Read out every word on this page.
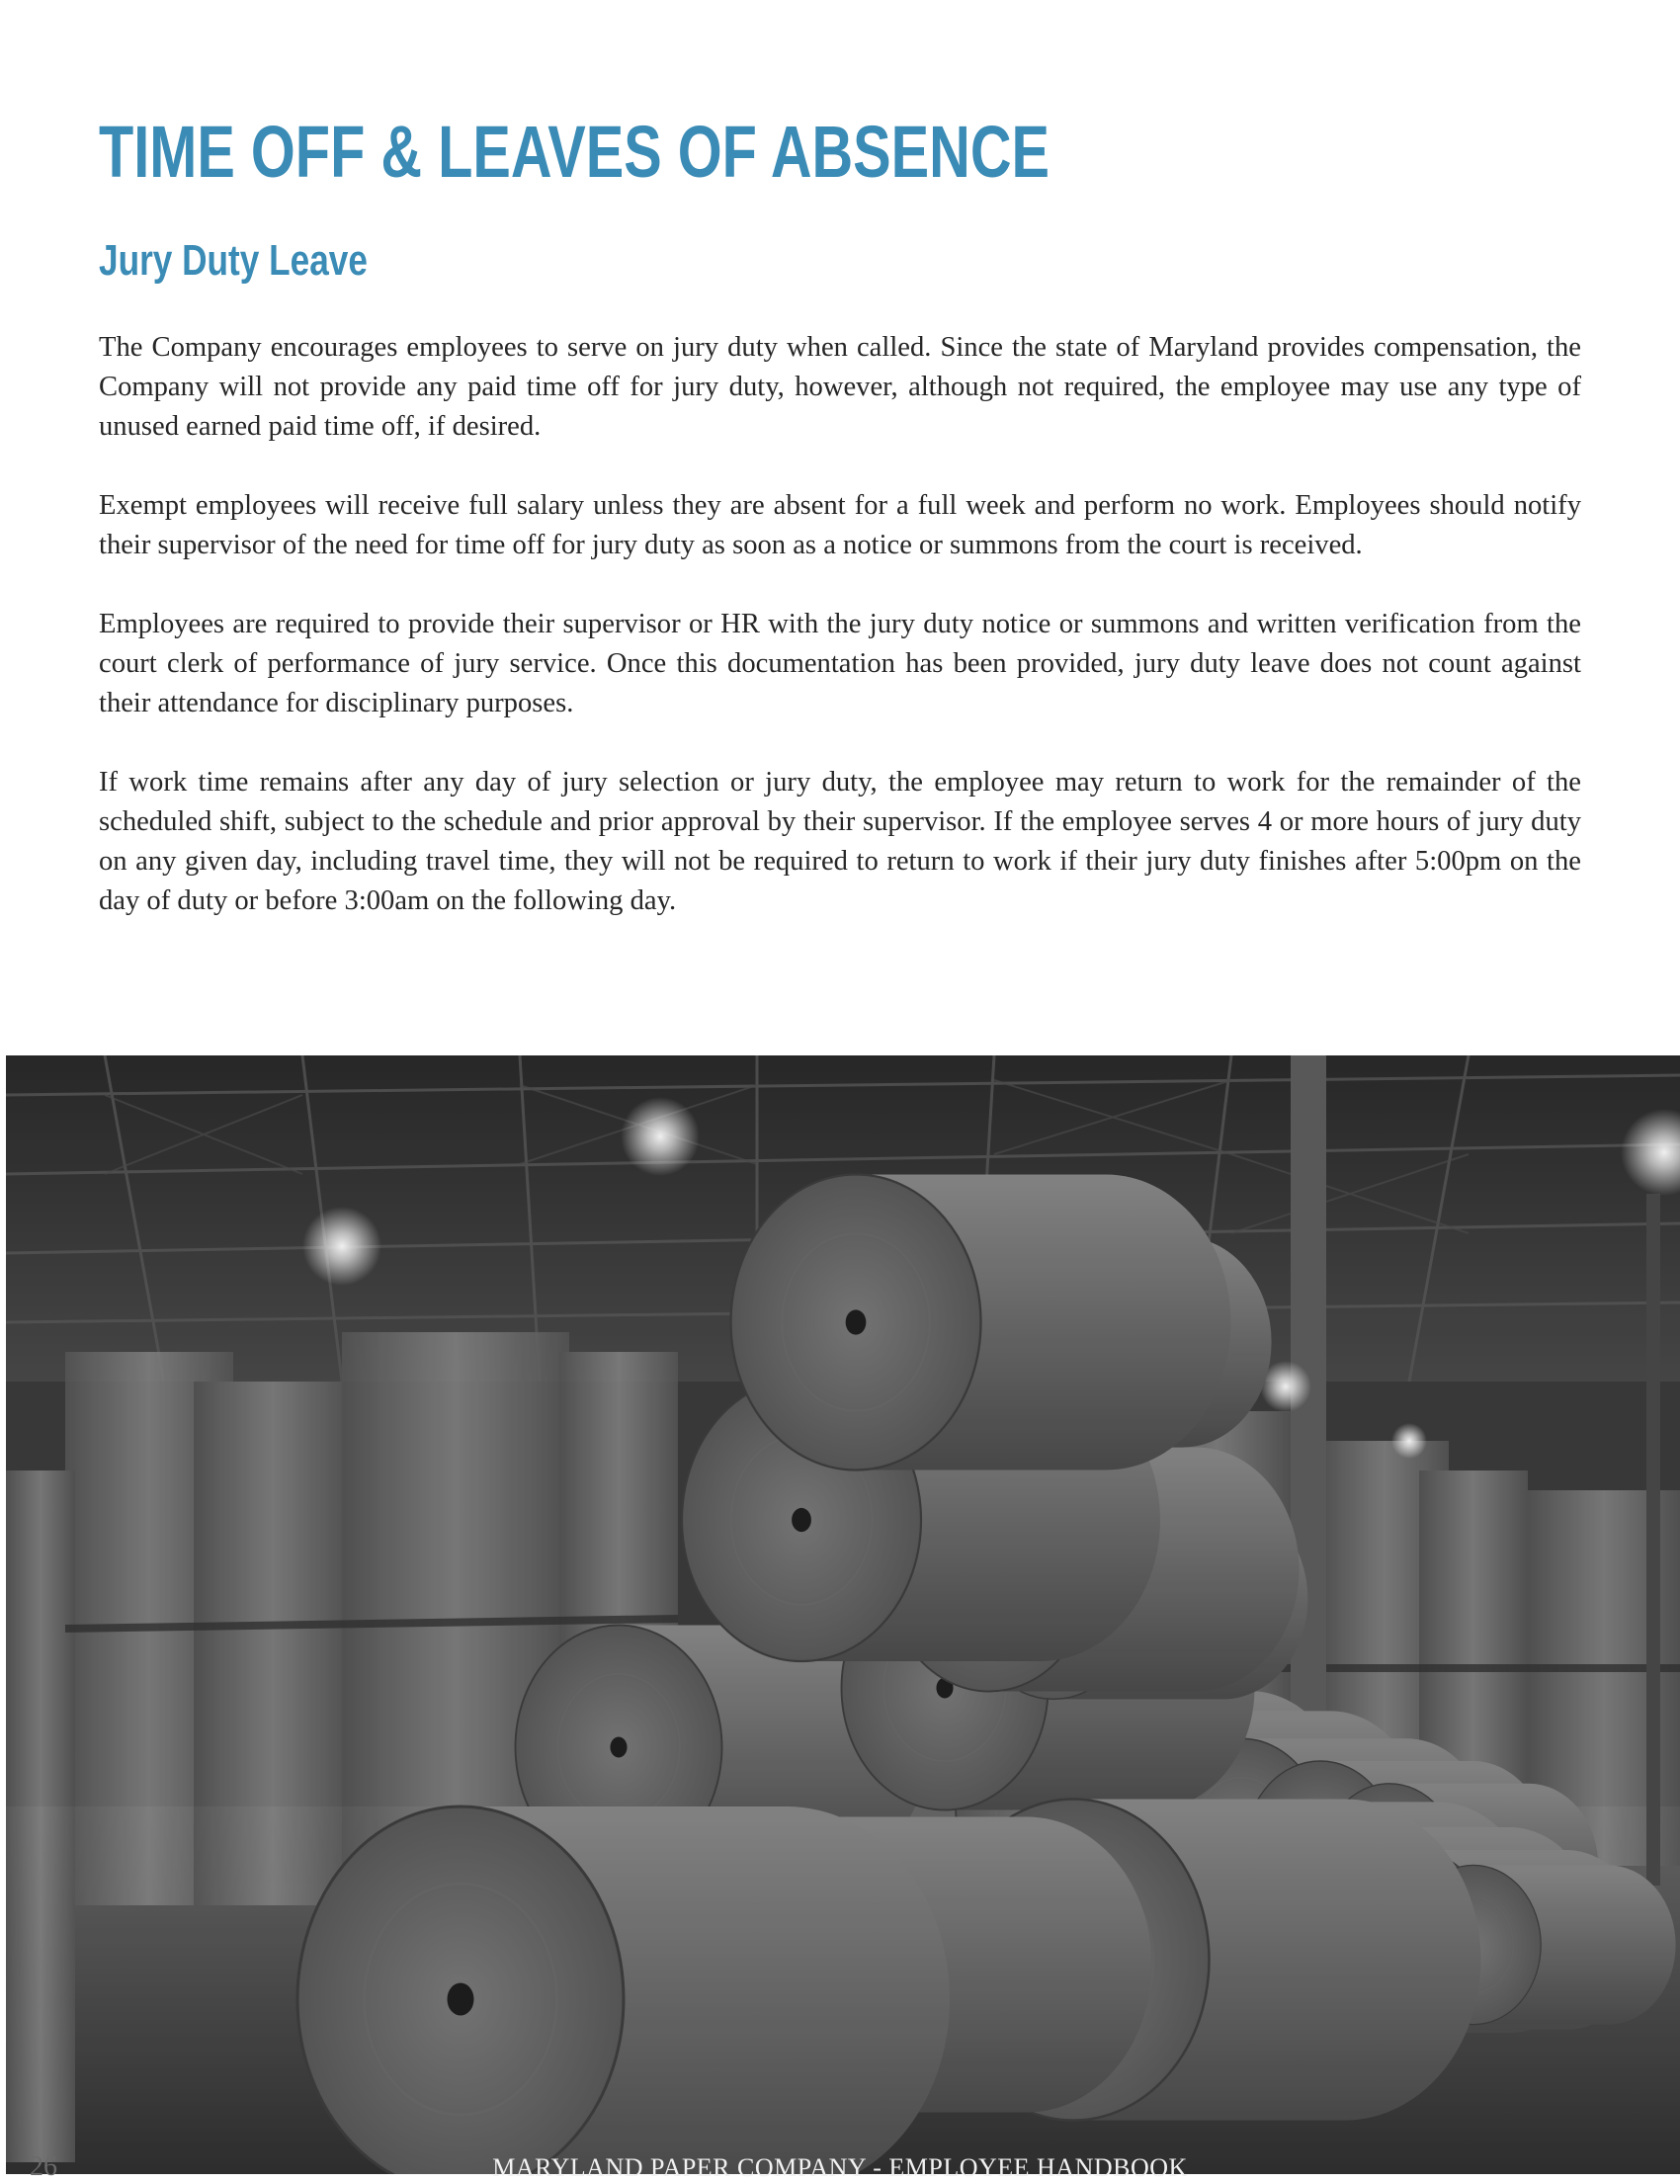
TIME OFF & LEAVES OF ABSENCE
Jury Duty Leave

The Company encourages employees to serve on jury duty when called. Since the state of Maryland provides compensation, the Company will not provide any paid time off for jury duty, however, although not required, the employee may use any type of unused earned paid time off, if desired.

Exempt employees will receive full salary unless they are absent for a full week and perform no work. Employees should notify their supervisor of the need for time off for jury duty as soon as a notice or summons from the court is received.

Employees are required to provide their supervisor or HR with the jury duty notice or summons and written verification from the court clerk of performance of jury service. Once this documentation has been provided, jury duty leave does not count against their attendance for disciplinary purposes.

If work time remains after any day of jury selection or jury duty, the employee may return to work for the remainder of the scheduled shift, subject to the schedule and prior approval by their supervisor. If the employee serves 4 or more hours of jury duty on any given day, including travel time, they will not be required to return to work if their jury duty finishes after 5:00pm on the day of duty or before 3:00am on the following day.

26	MARYLAND PAPER COMPANY - EMPLOYEE HANDBOOK
